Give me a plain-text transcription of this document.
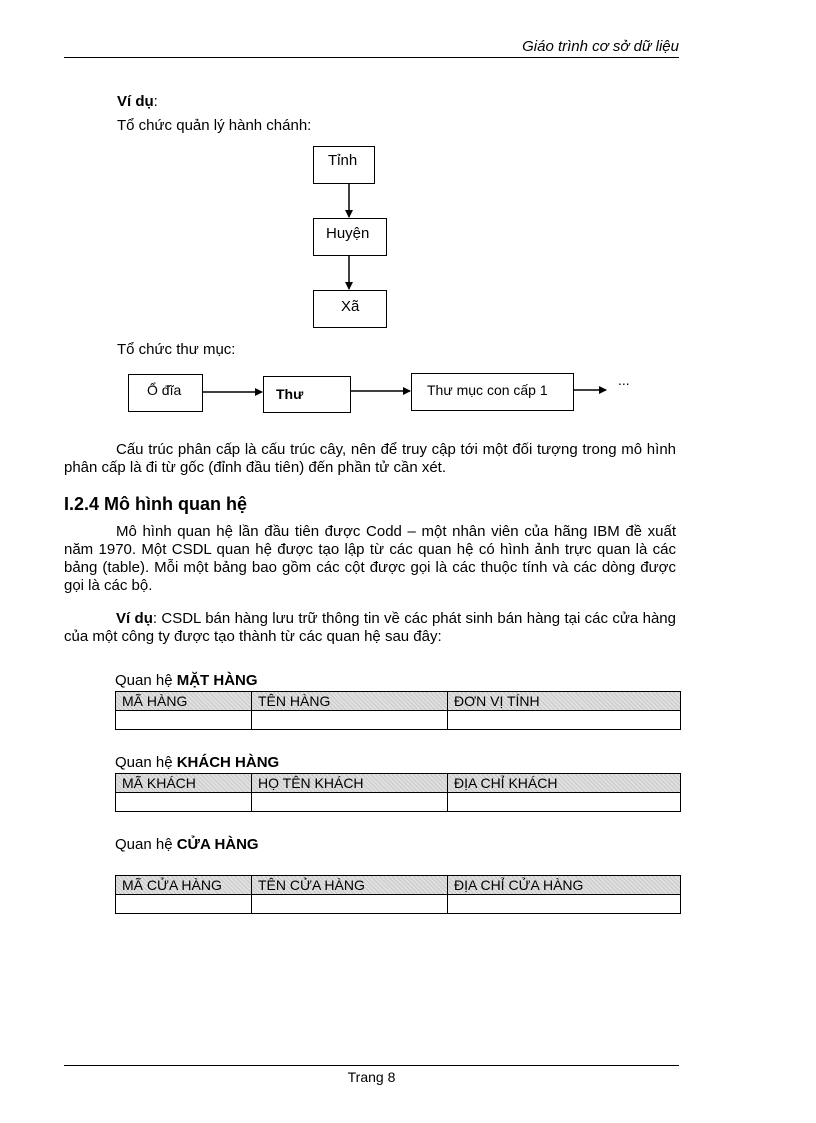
Giáo trình cơ sở dữ liệu
Ví dụ:
Tổ chức quản lý hành chánh:
Tỉnh
Huyện
Xã
Tổ chức thư mục:
Ổ đĩa	Thư	Thư mục con cấp 1
...

Cấu trúc phân cấp là cấu trúc cây, nên để truy cập tới một đối tượng trong mô hình phân cấp là đi từ gốc (đỉnh đầu tiên) đến phần tử cần xét.

I.2.4 Mô hình quan hệ

Mô hình quan hệ lần đầu tiên được Codd – một nhân viên của hãng IBM đề xuất năm 1970. Một CSDL quan hệ được tạo lập từ các quan hệ có hình ảnh trực quan là các bảng (table). Mỗi một bảng bao gồm các cột được gọi là các thuộc tính và các dòng được gọi là các bộ.

Ví dụ: CSDL bán hàng lưu trữ thông tin về các phát sinh bán hàng tại các cửa hàng của một công ty được tạo thành từ các quan hệ sau đây:

Quan hệ MẶT HÀNG
MÃ HÀNG	TÊN HÀNG	ĐƠN VỊ TÍNH

Quan hệ KHÁCH HÀNG
MÃ KHÁCH	HỌ TÊN KHÁCH	ĐỊA CHỈ KHÁCH

Quan hệ CỬA HÀNG
MÃ CỬA HÀNG	TÊN CỬA HÀNG	ĐỊA CHỈ CỬA HÀNG

Trang 8
